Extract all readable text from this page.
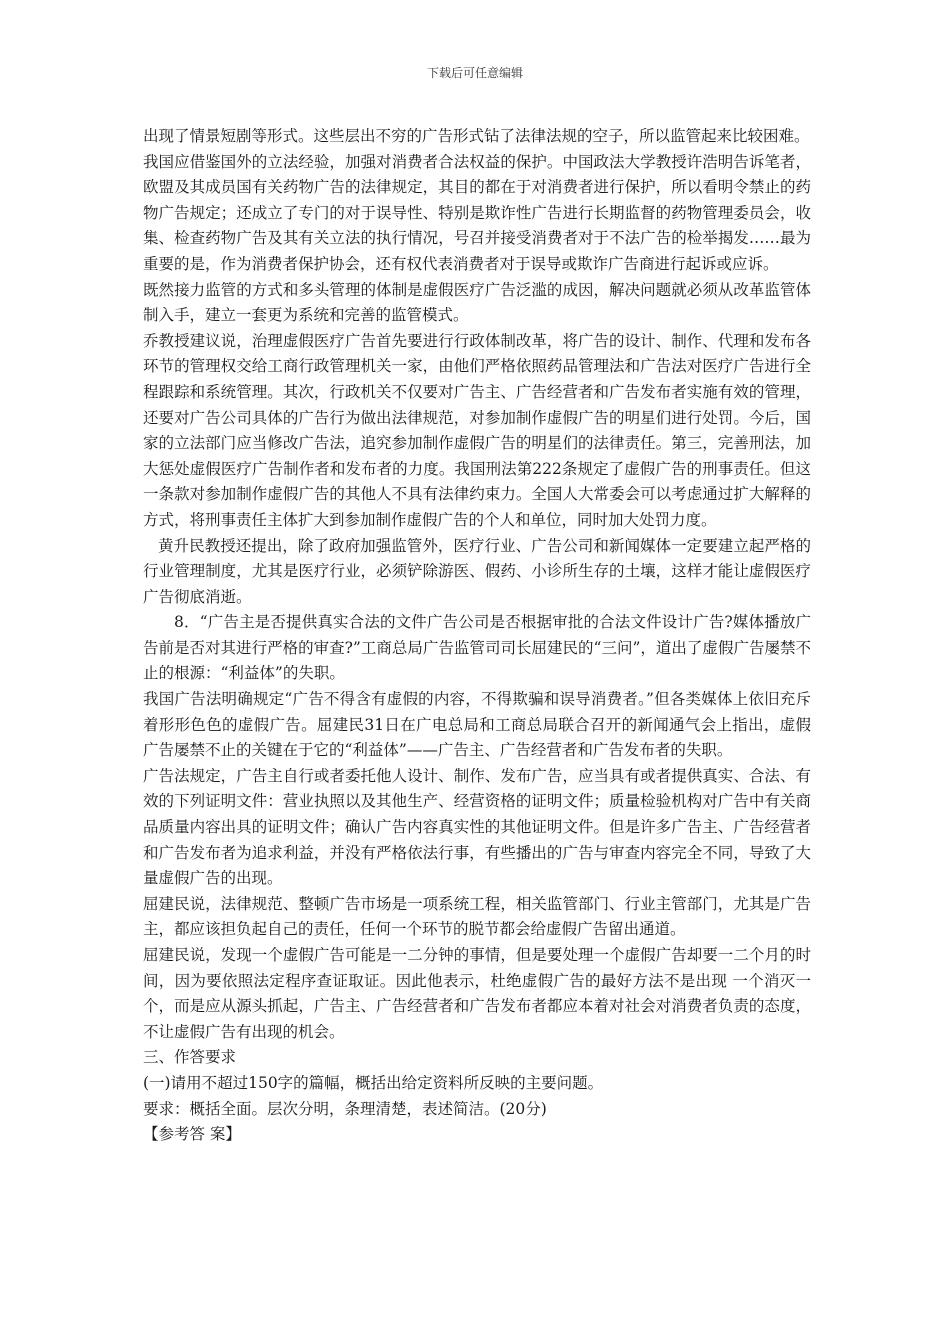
下载后可任意编辑

出现了情景短剧等形式。这些层出不穷的广告形式钻了法律法规的空子，所以监管起来比较困难。

我国应借鉴国外的立法经验，加强对消费者合法权益的保护。中国政法大学教授许浩明告诉笔者，欧盟及其成员国有关药物广告的法律规定，其目的都在于对消费者进行保护，所以看明令禁止的药物广告规定；还成立了专门的对于误导性、特别是欺诈性广告进行长期监督的药物管理委员会，收集、检查药物广告及其有关立法的执行情况，号召并接受消费者对于不法广告的检举揭发……最为重要的是，作为消费者保护协会，还有权代表消费者对于误导或欺诈广告商进行起诉或应诉。

既然接力监管的方式和多头管理的体制是虚假医疗广告泛滥的成因，解决问题就必须从改革监管体制入手，建立一套更为系统和完善的监管模式。

乔教授建议说，治理虚假医疗广告首先要进行行政体制改革，将广告的设计、制作、代理和发布各环节的管理权交给工商行政管理机关一家，由他们严格依照药品管理法和广告法对医疗广告进行全程跟踪和系统管理。其次，行政机关不仅要对广告主、广告经营者和广告发布者实施有效的管理，还要对广告公司具体的广告行为做出法律规范，对参加制作虚假广告的明星们进行处罚。今后，国家的立法部门应当修改广告法，追究参加制作虚假广告的明星们的法律责任。第三，完善刑法，加大惩处虚假医疗广告制作者和发布者的力度。我国刑法第222条规定了虚假广告的刑事责任。但这一条款对参加制作虚假广告的其他人不具有法律约束力。全国人大常委会可以考虑通过扩大解释的方式，将刑事责任主体扩大到参加制作虚假广告的个人和单位，同时加大处罚力度。

黄升民教授还提出，除了政府加强监管外，医疗行业、广告公司和新闻媒体一定要建立起严格的行业管理制度，尤其是医疗行业，必须铲除游医、假药、小诊所生存的土壤，这样才能让虚假医疗广告彻底消逝。

8．“广告主是否提供真实合法的文件广告公司是否根据审批的合法文件设计广告?媒体播放广告前是否对其进行严格的审查?”工商总局广告监管司司长屈建民的“三问”，道出了虚假广告屡禁不止的根源：“利益体”的失职。

我国广告法明确规定“广告不得含有虚假的内容，不得欺骗和误导消费者。”但各类媒体上依旧充斥着形形色色的虚假广告。屈建民31日在广电总局和工商总局联合召开的新闻通气会上指出，虚假广告屡禁不止的关键在于它的“利益体”——广告主、广告经营者和广告发布者的失职。

广告法规定，广告主自行或者委托他人设计、制作、发布广告，应当具有或者提供真实、合法、有效的下列证明文件：营业执照以及其他生产、经营资格的证明文件；质量检验机构对广告中有关商品质量内容出具的证明文件；确认广告内容真实性的其他证明文件。但是许多广告主、广告经营者和广告发布者为追求利益，并没有严格依法行事，有些播出的广告与审查内容完全不同，导致了大量虚假广告的出现。

屈建民说，法律规范、整顿广告市场是一项系统工程，相关监管部门、行业主管部门，尤其是广告主，都应该担负起自己的责任，任何一个环节的脱节都会给虚假广告留出通道。

屈建民说，发现一个虚假广告可能是一二分钟的事情，但是要处理一个虚假广告却要一二个月的时间，因为要依照法定程序查证取证。因此他表示，杜绝虚假广告的最好方法不是出现 一个消灭一个，而是应从源头抓起，广告主、广告经营者和广告发布者都应本着对社会对消费者负责的态度，不让虚假广告有出现的机会。

三、作答要求

(一)请用不超过150字的篇幅，概括出给定资料所反映的主要问题。

要求：概括全面。层次分明，条理清楚，表述简洁。(20分)

【参考答 案】
